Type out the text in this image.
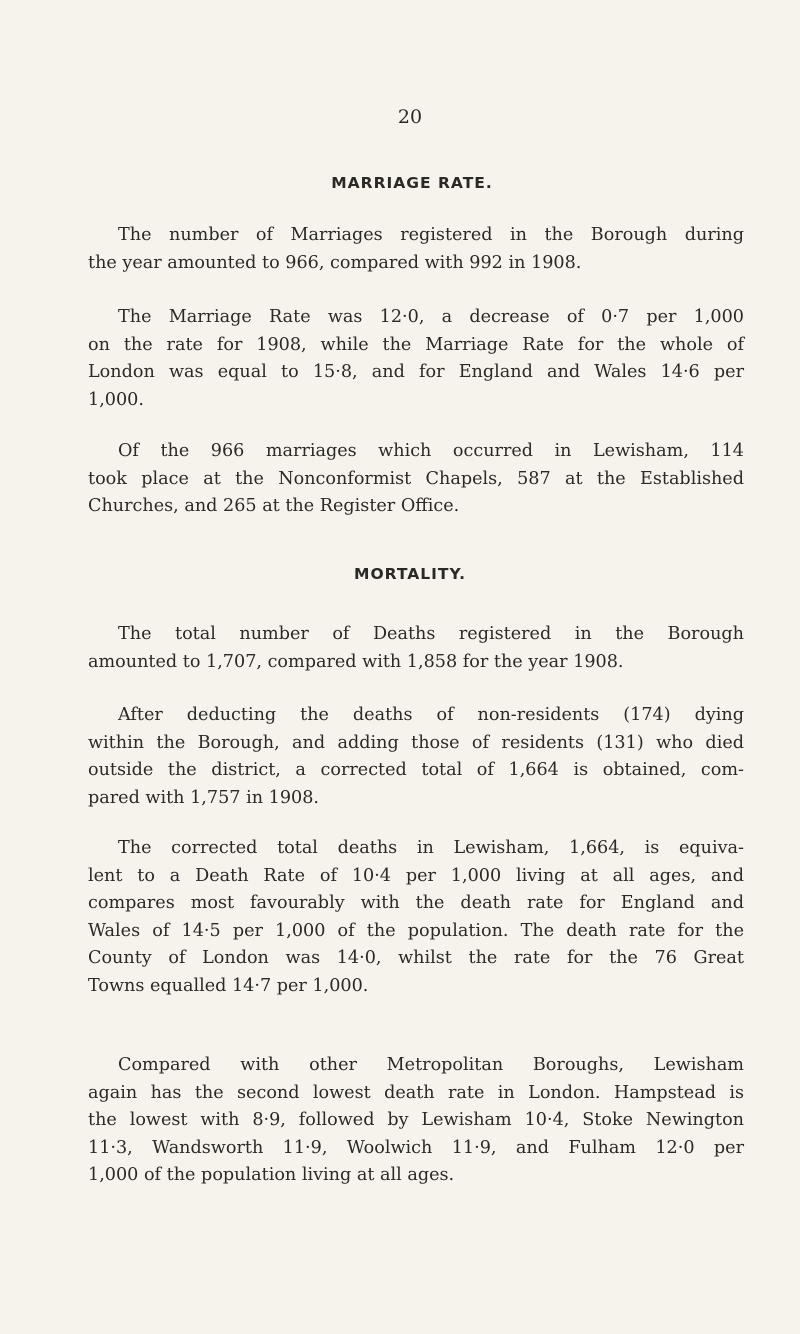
20
MARRIAGE RATE.

The number of Marriages registered in the Borough during
the year amounted to 966, compared with 992 in 1908.

The Marriage Rate was 12·0, a decrease of 0·7 per 1,000
on the rate for 1908, while the Marriage Rate for the whole of
London was equal to 15·8, and for England and Wales 14·6 per
1,000.

Of the 966 marriages which occurred in Lewisham, 114
took place at the Nonconformist Chapels, 587 at the Established
Churches, and 265 at the Register Office.

MORTALITY.

The total number of Deaths registered in the Borough
amounted to 1,707, compared with 1,858 for the year 1908.

After deducting the deaths of non-residents (174) dying
within the Borough, and adding those of residents (131) who died
outside the district, a corrected total of 1,664 is obtained, com-
pared with 1,757 in 1908.

The corrected total deaths in Lewisham, 1,664, is equiva-
lent to a Death Rate of 10·4 per 1,000 living at all ages, and
compares most favourably with the death rate for England and
Wales of 14·5 per 1,000 of the population. The death rate for the
County of London was 14·0, whilst the rate for the 76 Great
Towns equalled 14·7 per 1,000.

Compared with other Metropolitan Boroughs, Lewisham
again has the second lowest death rate in London. Hampstead is
the lowest with 8·9, followed by Lewisham 10·4, Stoke Newington
11·3, Wandsworth 11·9, Woolwich 11·9, and Fulham 12·0 per
1,000 of the population living at all ages.
